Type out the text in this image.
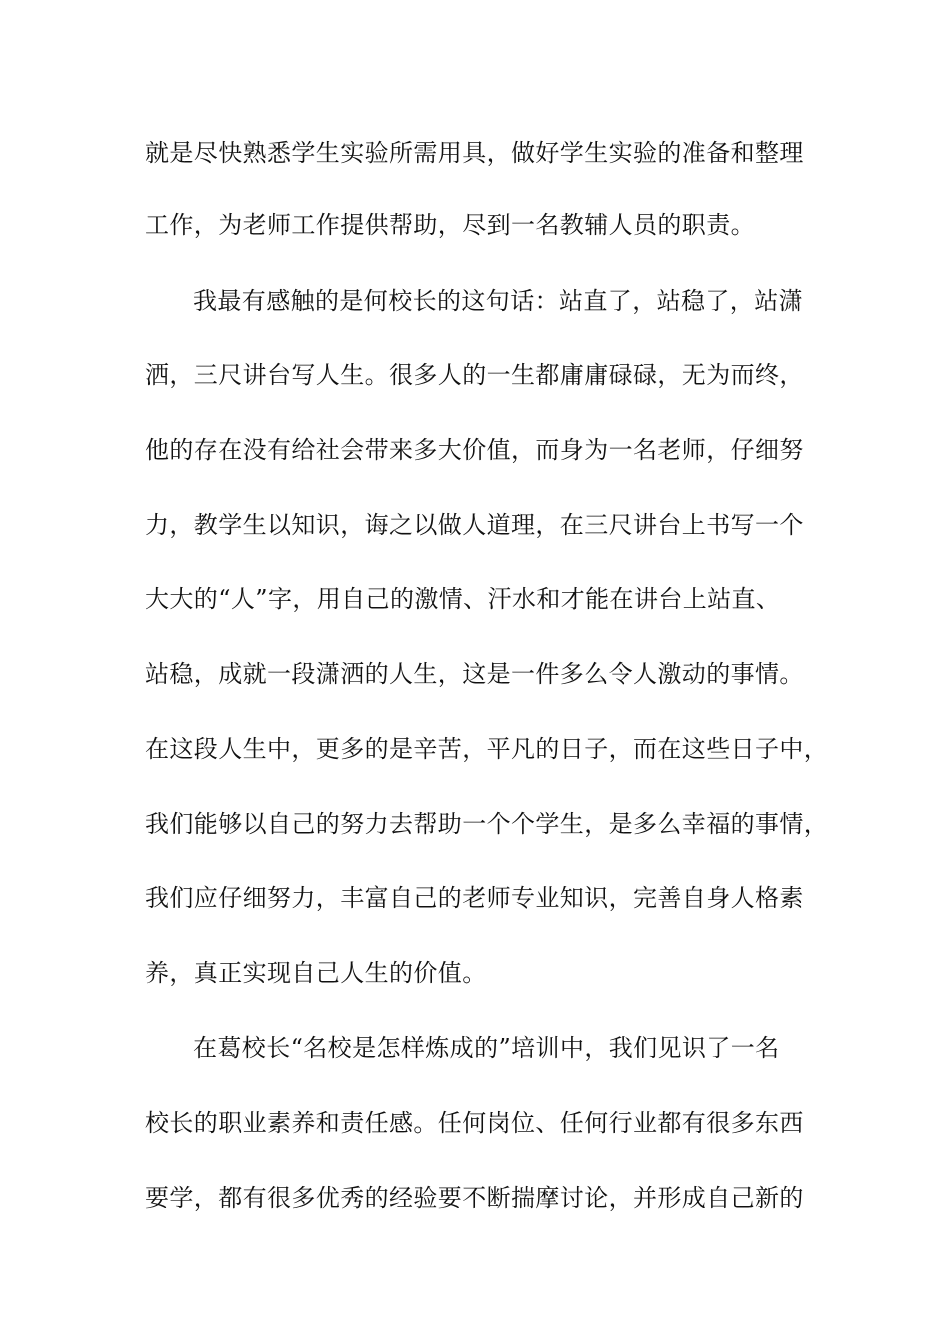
就是尽快熟悉学生实验所需用具，做好学生实验的准备和整理
工作，为老师工作提供帮助，尽到一名教辅人员的职责。
我最有感触的是何校长的这句话：站直了，站稳了，站潇
洒，三尺讲台写人生。很多人的一生都庸庸碌碌，无为而终，
他的存在没有给社会带来多大价值，而身为一名老师，仔细努
力，教学生以知识，诲之以做人道理，在三尺讲台上书写一个
大大的“人”字，用自己的激情、汗水和才能在讲台上站直、
站稳，成就一段潇洒的人生，这是一件多么令人激动的事情。
在这段人生中，更多的是辛苦，平凡的日子，而在这些日子中，
我们能够以自己的努力去帮助一个个学生，是多么幸福的事情，
我们应仔细努力，丰富自己的老师专业知识，完善自身人格素
养，真正实现自己人生的价值。
在葛校长“名校是怎样炼成的”培训中，我们见识了一名
校长的职业素养和责任感。任何岗位、任何行业都有很多东西
要学，都有很多优秀的经验要不断揣摩讨论，并形成自己新的
